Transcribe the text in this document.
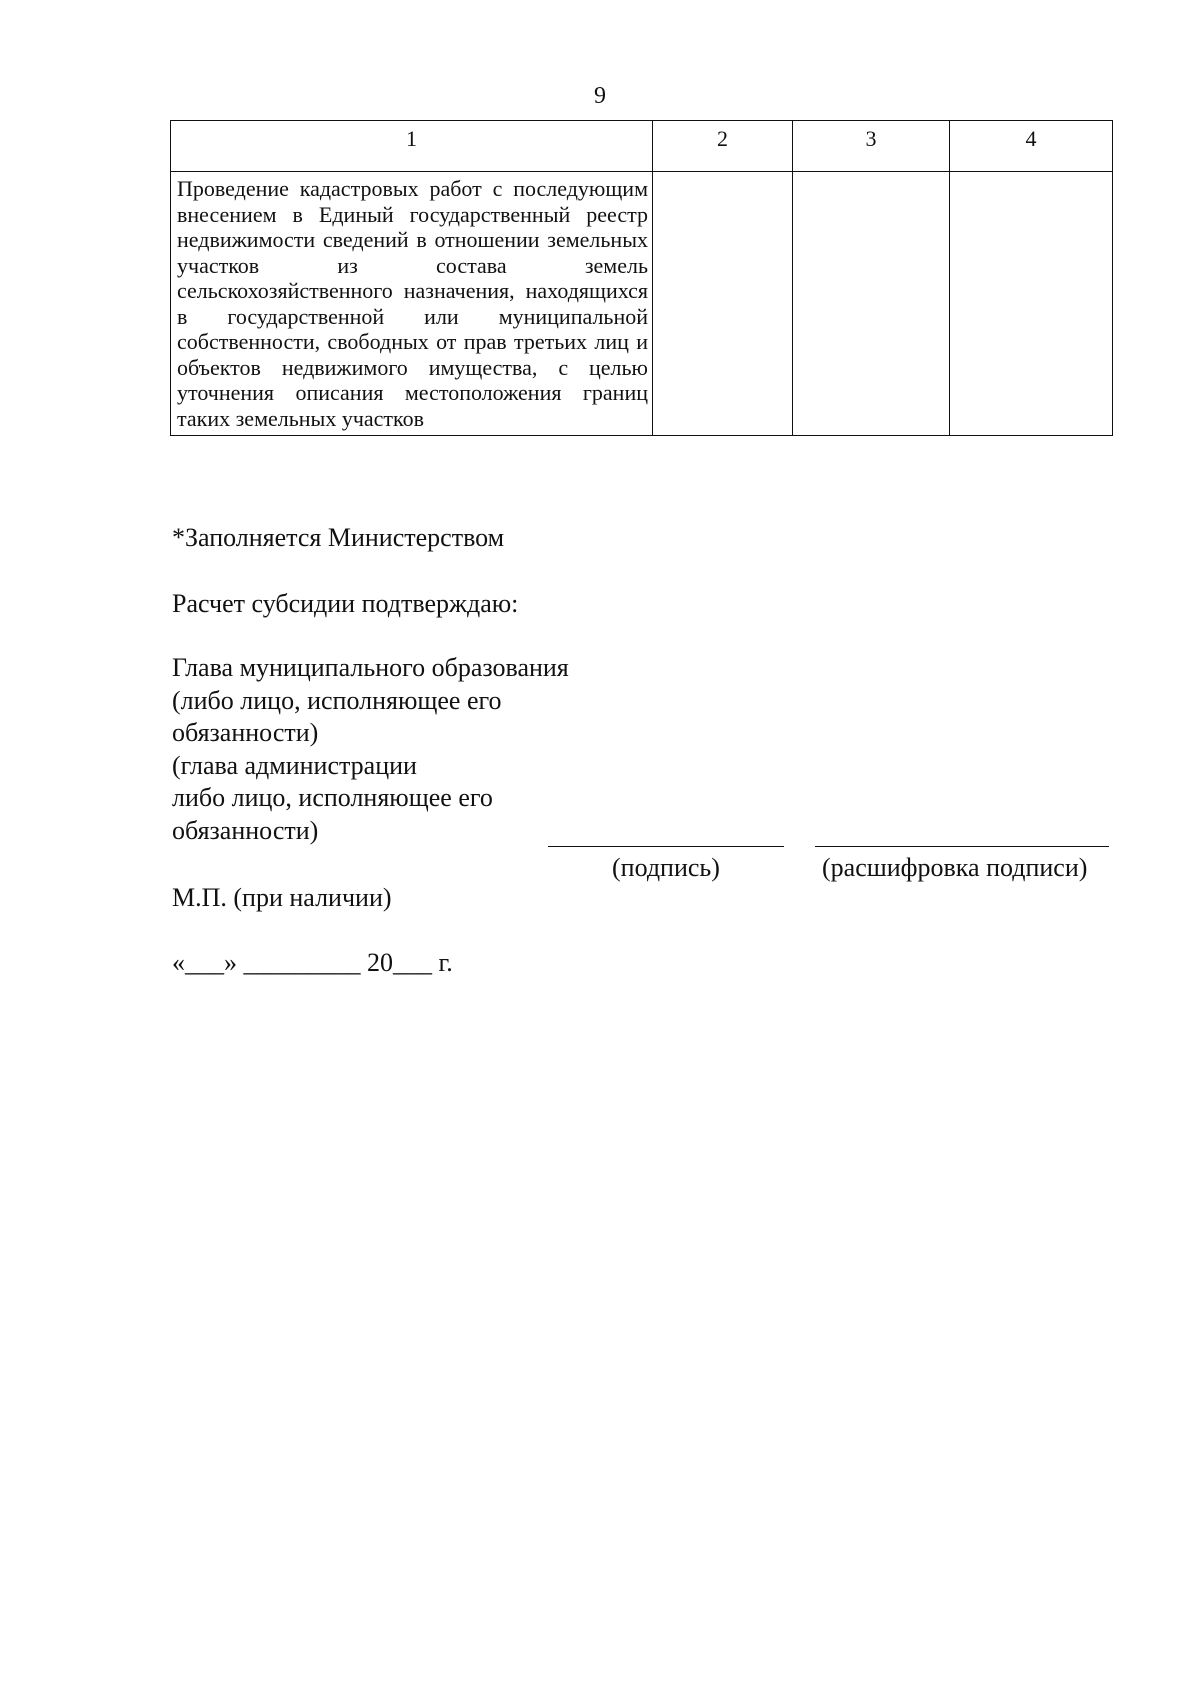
9
1	2	3	4
Проведение кадастровых работ с последующим внесением в Единый государственный реестр недвижимости сведений в отношении земельных участков из состава земель сельскохозяйственного назначения, находящихся в государственной или муниципальной собственности, свободных от прав третьих лиц и объектов недвижимого имущества, с целью уточнения описания местоположения границ таких земельных участков			
*Заполняется Министерством
Расчет субсидии подтверждаю:
Глава муниципального образования
(либо лицо, исполняющее его
обязанности)
(глава администрации
либо лицо, исполняющее его
обязанности)
(подпись)	(расшифровка подписи)
М.П. (при наличии)
«___» _________ 20___ г.
